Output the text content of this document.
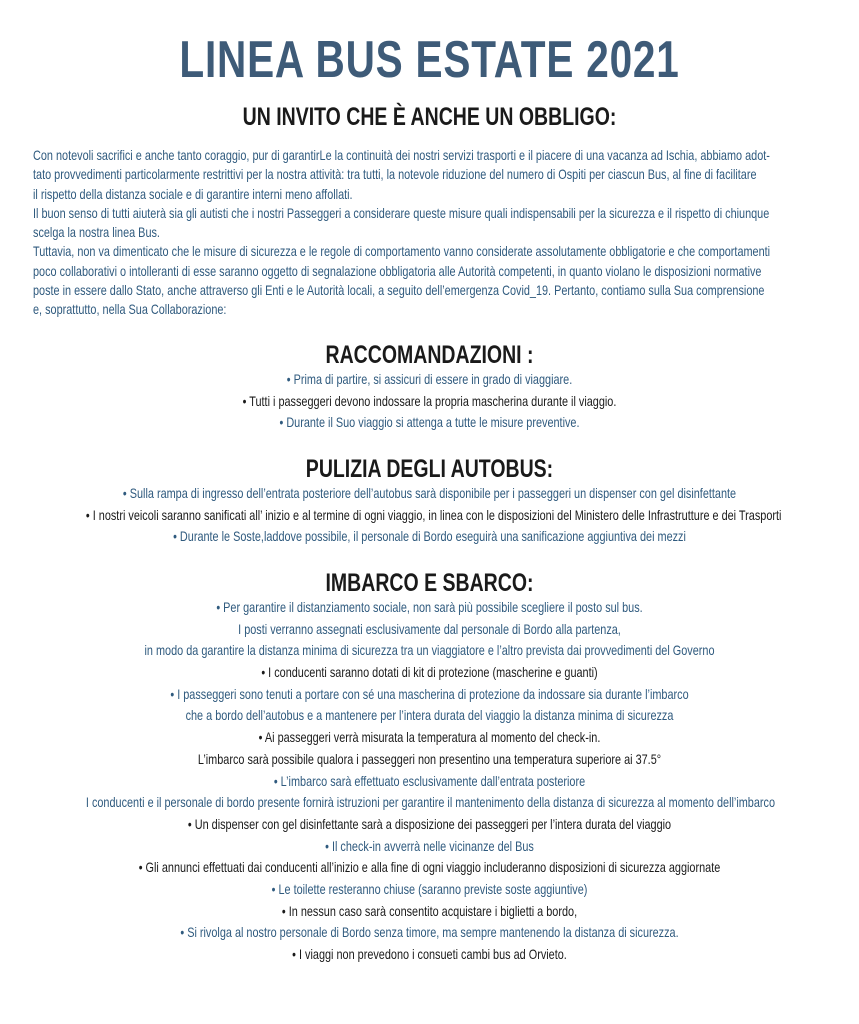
LINEA BUS ESTATE 2021
UN INVITO CHE È ANCHE UN OBBLIGO:

Con notevoli sacrifici e anche tanto coraggio, pur di garantirLe la continuità dei nostri servizi trasporti e il piacere di una vacanza ad Ischia, abbiamo adot-

tato provvedimenti particolarmente restrittivi per la nostra attività: tra tutti, la notevole riduzione del numero di Ospiti per ciascun Bus, al fine di facilitare

il rispetto della distanza sociale e di garantire interni meno affollati.

Il buon senso di tutti aiuterà sia gli autisti che i nostri Passeggeri a considerare queste misure quali indispensabili per la sicurezza e il rispetto di chiunque

scelga la nostra linea Bus.

Tuttavia, non va dimenticato che le misure di sicurezza e le regole di comportamento vanno considerate assolutamente obbligatorie e che comportamenti

poco collaborativi o intolleranti di esse saranno oggetto di segnalazione obbligatoria alle Autorità competenti, in quanto violano le disposizioni normative

poste in essere dallo Stato, anche attraverso gli Enti e le Autorità locali, a seguito dell’emergenza Covid_19. Pertanto, contiamo sulla Sua comprensione

e, soprattutto, nella Sua Collaborazione:

RACCOMANDAZIONI :
• Prima di partire, si assicuri di essere in grado di viaggiare.
• Tutti i passeggeri devono indossare la propria mascherina durante il viaggio.
• Durante il Suo viaggio si attenga a tutte le misure preventive.
PULIZIA DEGLI AUTOBUS:
• Sulla rampa di ingresso dell’entrata posteriore dell’autobus sarà disponibile per i passeggeri un dispenser con gel disinfettante
• I nostri veicoli saranno sanificati all’ inizio e al termine di ogni viaggio, in linea con le disposizioni del Ministero delle Infrastrutture e dei Trasporti
• Durante le Soste,laddove possibile, il personale di Bordo eseguirà una sanificazione aggiuntiva dei mezzi
IMBARCO E SBARCO:
• Per garantire il distanziamento sociale, non sarà più possibile scegliere il posto sul bus.
I posti verranno assegnati esclusivamente dal personale di Bordo alla partenza,
in modo da garantire la distanza minima di sicurezza tra un viaggiatore e l’altro prevista dai provvedimenti del Governo
• I conducenti saranno dotati di kit di protezione (mascherine e guanti)
• I passeggeri sono tenuti a portare con sé una mascherina di protezione da indossare sia durante l’imbarco
che a bordo dell’autobus e a mantenere per l’intera durata del viaggio la distanza minima di sicurezza
• Ai passeggeri verrà misurata la temperatura al momento del check-in.
L’imbarco sarà possibile qualora i passeggeri non presentino una temperatura superiore ai 37.5°
• L’imbarco sarà effettuato esclusivamente dall’entrata posteriore
I conducenti e il personale di bordo presente fornirà istruzioni per garantire il mantenimento della distanza di sicurezza al momento dell’imbarco
• Un dispenser con gel disinfettante sarà a disposizione dei passeggeri per l’intera durata del viaggio
• Il check-in avverrà nelle vicinanze del Bus
• Gli annunci effettuati dai conducenti all’inizio e alla fine di ogni viaggio includeranno disposizioni di sicurezza aggiornate
• Le toilette resteranno chiuse (saranno previste soste aggiuntive)
• In nessun caso sarà consentito acquistare i biglietti a bordo,
• Si rivolga al nostro personale di Bordo senza timore, ma sempre mantenendo la distanza di sicurezza.
• I viaggi non prevedono i consueti cambi bus ad Orvieto.
